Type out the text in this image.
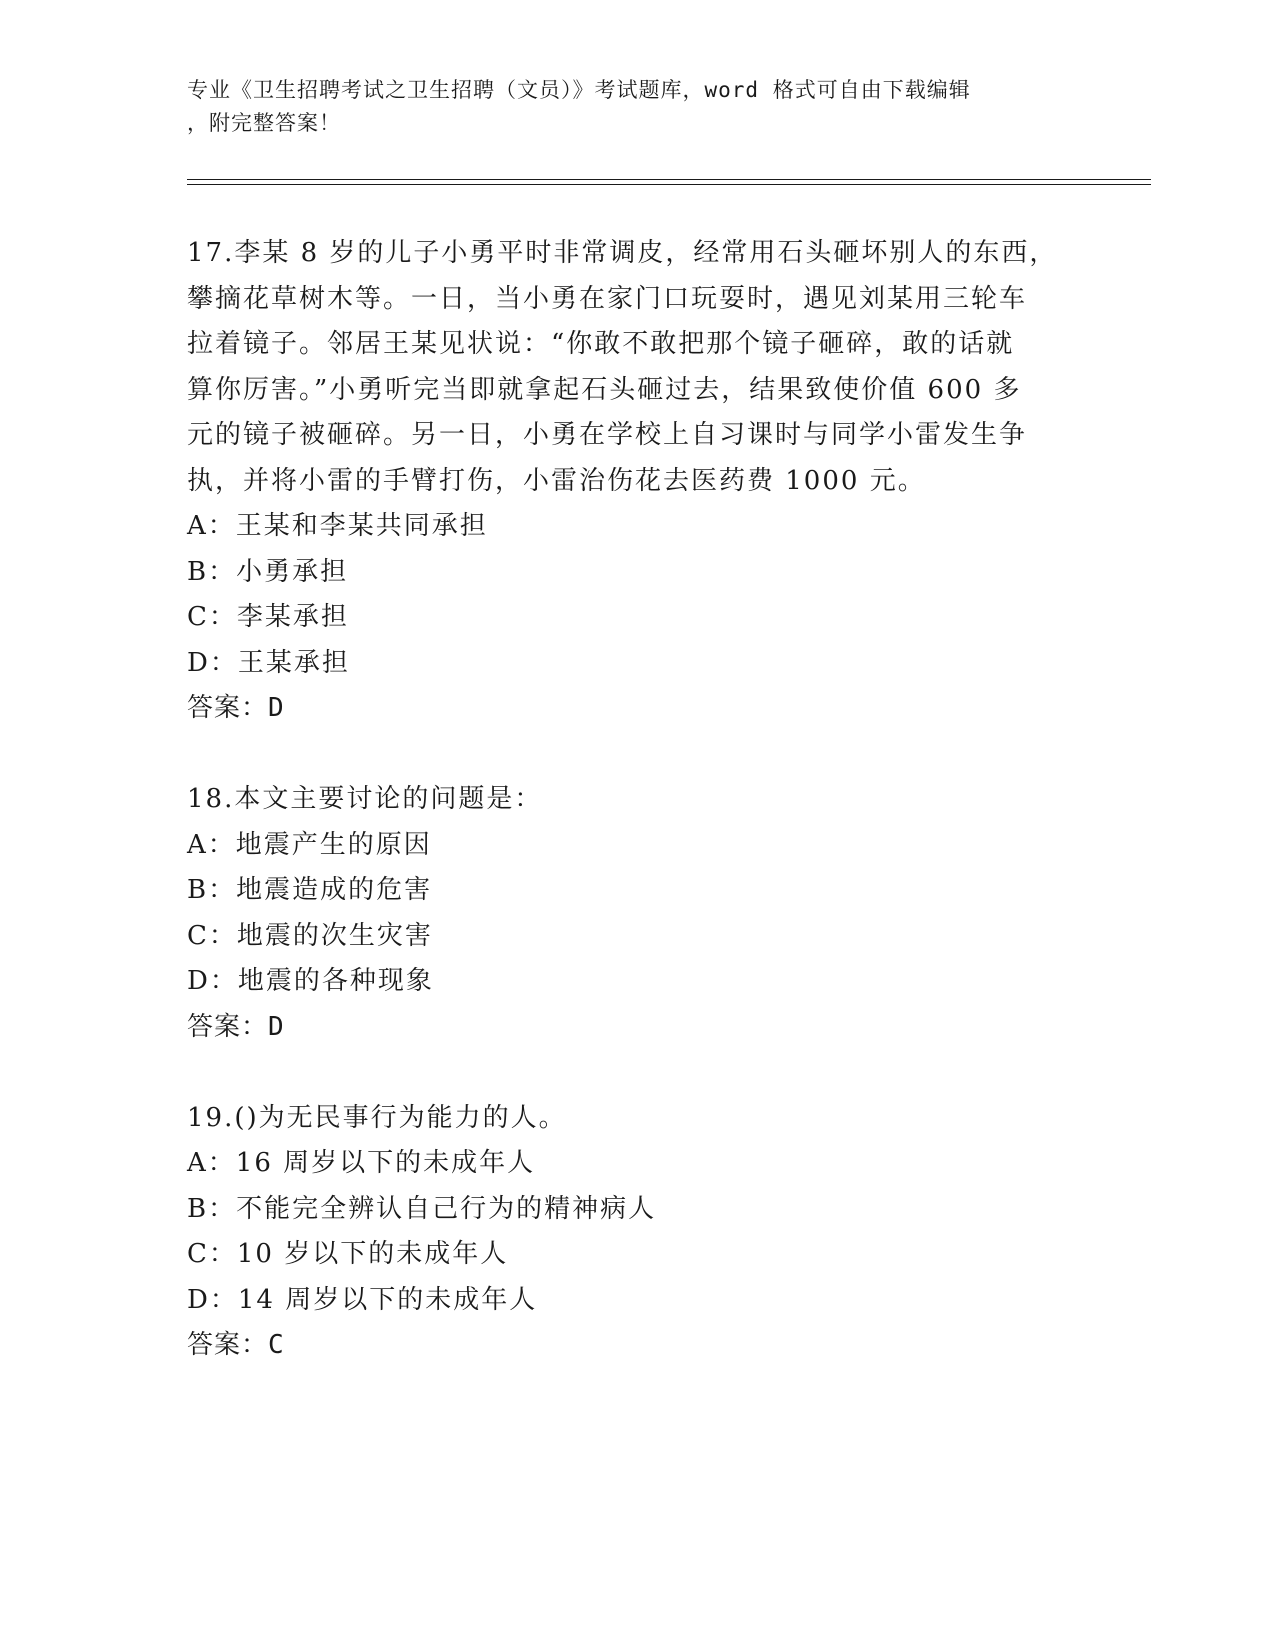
专业《卫生招聘考试之卫生招聘（文员）》考试题库，word 格式可自由下载编辑
，附完整答案！
17.李某 8 岁的儿子小勇平时非常调皮，经常用石头砸坏别人的东西，
攀摘花草树木等。一日，当小勇在家门口玩耍时，遇见刘某用三轮车
拉着镜子。邻居王某见状说：“你敢不敢把那个镜子砸碎，敢的话就
算你厉害。”小勇听完当即就拿起石头砸过去，结果致使价值 600 多
元的镜子被砸碎。另一日，小勇在学校上自习课时与同学小雷发生争
执，并将小雷的手臂打伤，小雷治伤花去医药费 1000 元。
A：王某和李某共同承担
B：小勇承担
C：李某承担
D：王某承担
答案：D
18.本文主要讨论的问题是：
A：地震产生的原因
B：地震造成的危害
C：地震的次生灾害
D：地震的各种现象
答案：D
19.()为无民事行为能力的人。
A：16 周岁以下的未成年人
B：不能完全辨认自己行为的精神病人
C：10 岁以下的未成年人
D：14 周岁以下的未成年人
答案：C
